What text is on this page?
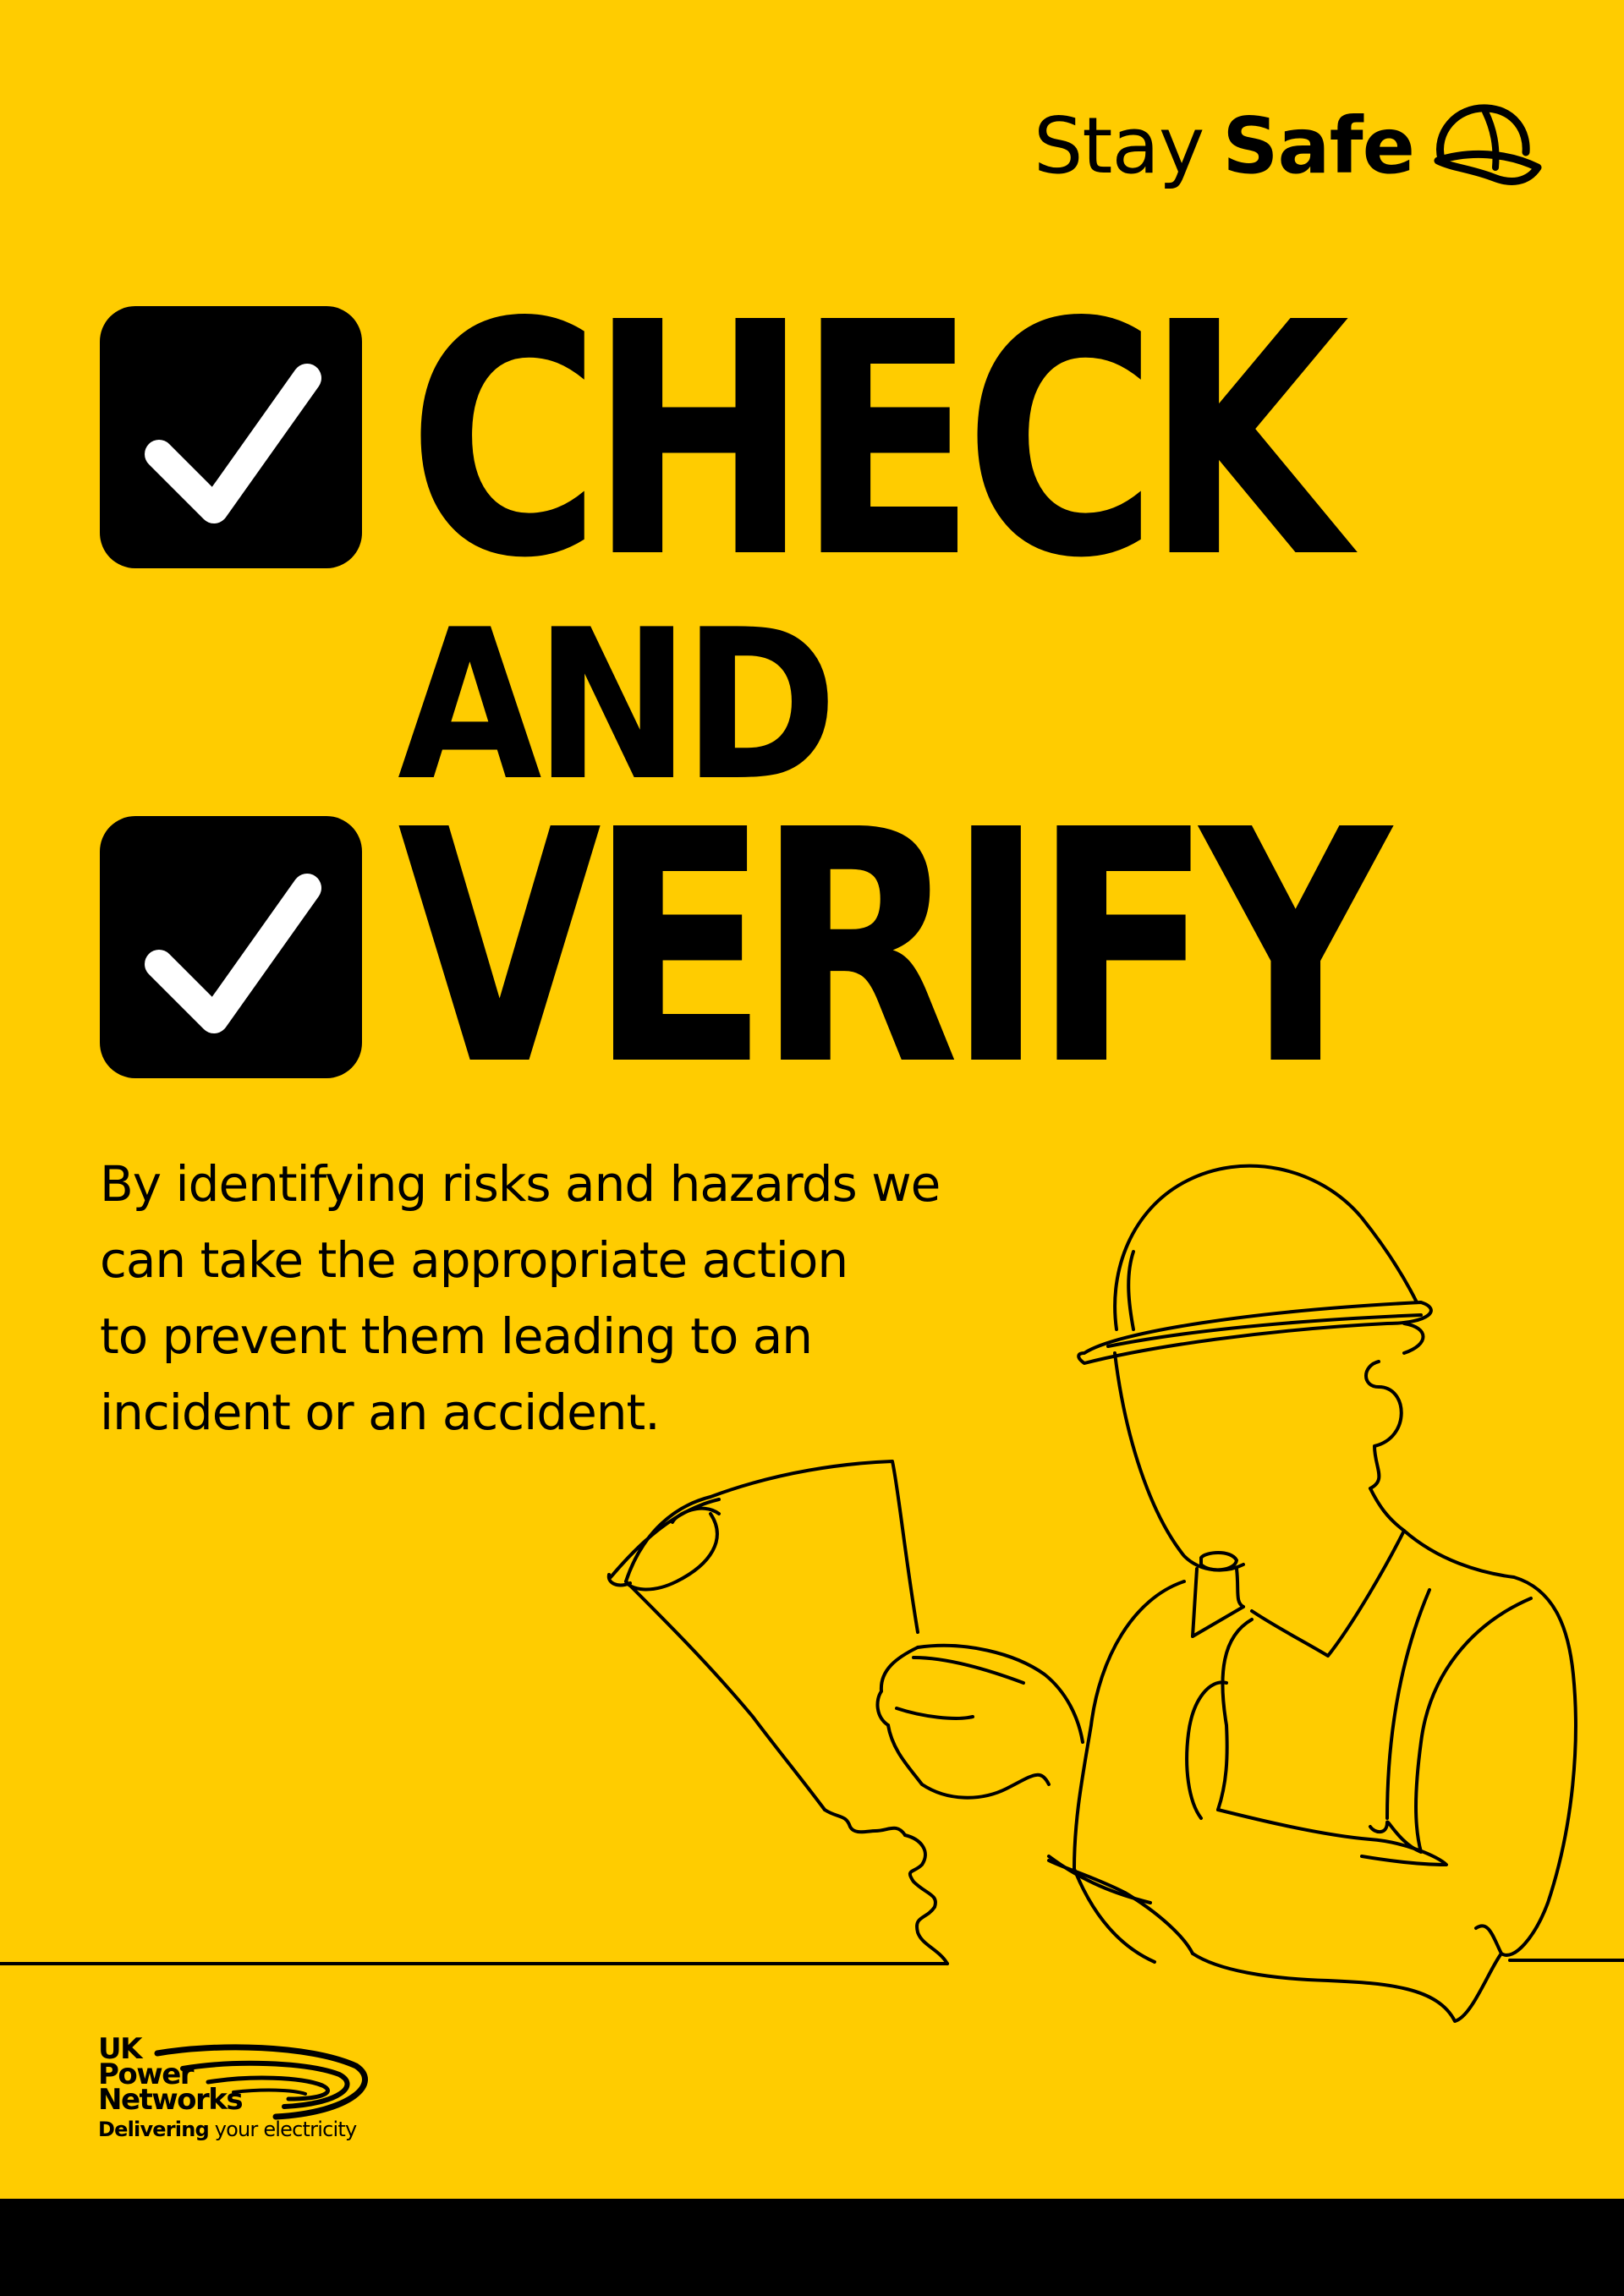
Stay Safe
CHECK
AND
VERIFY
By identifying risks and hazards we
can take the appropriate action
to prevent them leading to an
incident or an accident.
UK
Power
Networks
Delivering your electricity
